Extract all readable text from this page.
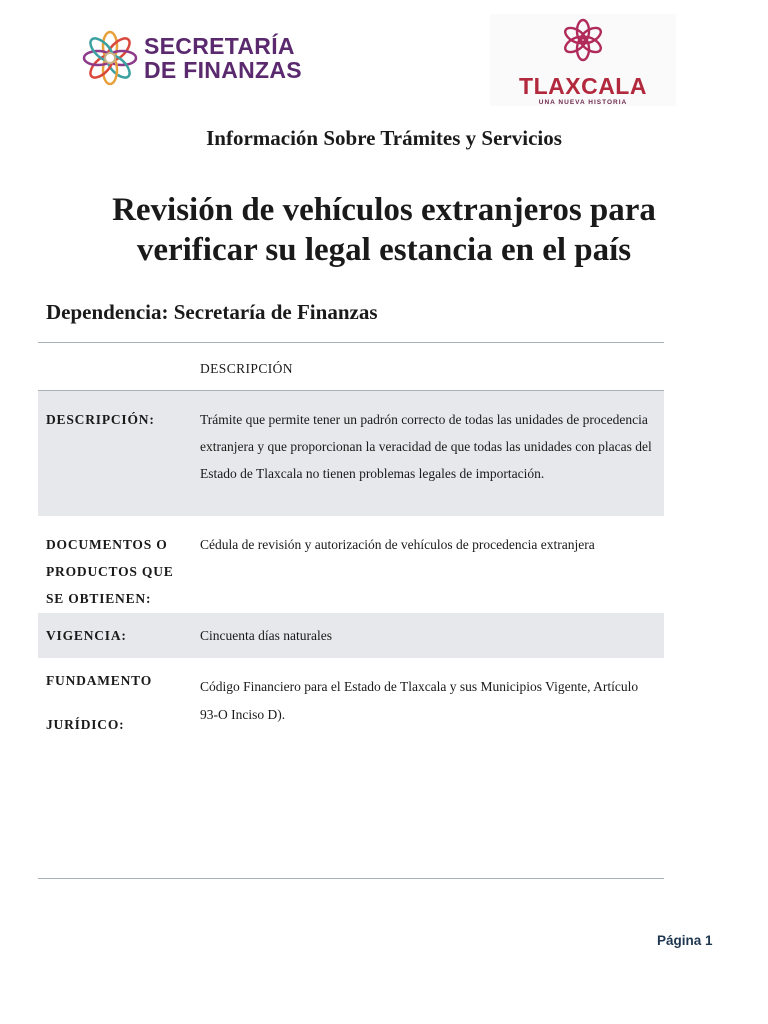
SECRETARÍA
DE FINANZAS
TLAXCALA
UNA NUEVA HISTORIA
Información Sobre Trámites y Servicios
Revisión de vehículos extranjeros para verificar su legal estancia en el país
Dependencia: Secretaría de Finanzas
DESCRIPCIÓN
DESCRIPCIÓN:	Trámite que permite tener un padrón correcto de todas las unidades de procedencia extranjera y que proporcionan la veracidad de que todas las unidades con placas del Estado de Tlaxcala no tienen problemas legales de importación.
DOCUMENTOS O PRODUCTOS QUE SE OBTIENEN:
Cédula de revisión y autorización de vehículos de procedencia extranjera
VIGENCIA:	Cincuenta días naturales
FUNDAMENTO
JURÍDICO:
Código Financiero para el Estado de Tlaxcala y sus Municipios Vigente, Artículo 93-O Inciso D).
Página 1
